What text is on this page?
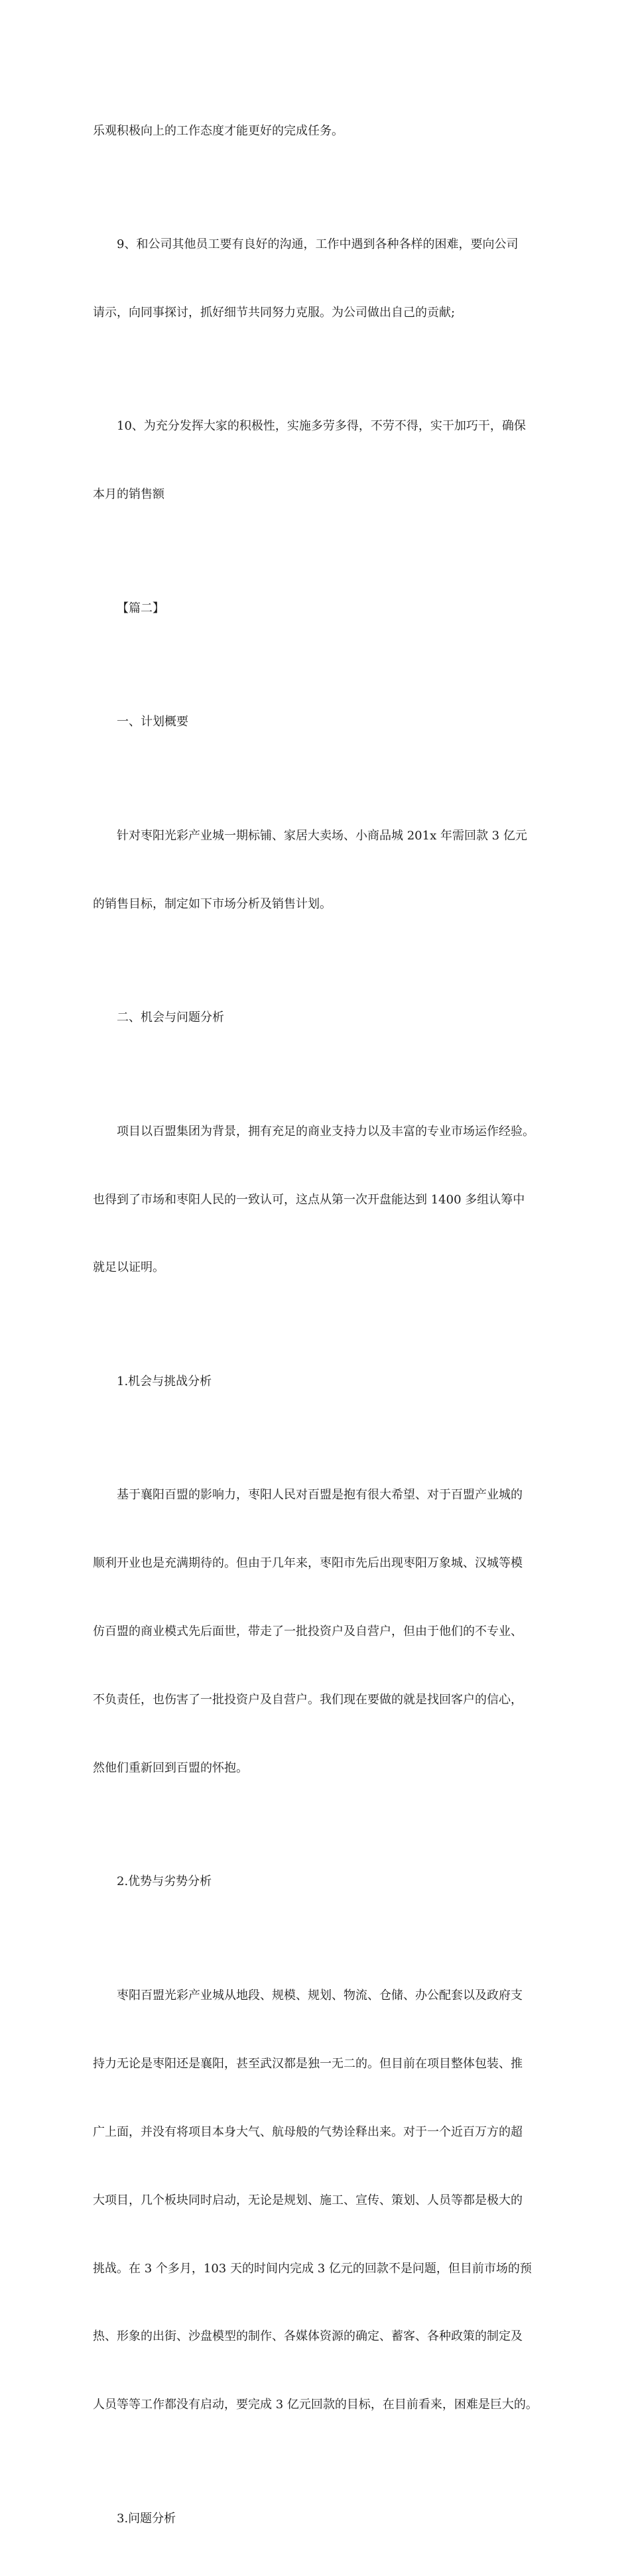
乐观积极向上的工作态度才能更好的完成任务。

9、和公司其他员工要有良好的沟通，工作中遇到各种各样的困难，要向公司

请示，向同事探讨，抓好细节共同努力克服。为公司做出自己的贡献;

10、为充分发挥大家的积极性，实施多劳多得，不劳不得，实干加巧干，确保

本月的销售额

【篇二】

一、计划概要

针对枣阳光彩产业城一期标铺、家居大卖场、小商品城 201x 年需回款 3 亿元

的销售目标，制定如下市场分析及销售计划。

二、机会与问题分析

项目以百盟集团为背景，拥有充足的商业支持力以及丰富的专业市场运作经验。

也得到了市场和枣阳人民的一致认可，这点从第一次开盘能达到 1400 多组认筹中

就足以证明。

1.机会与挑战分析

基于襄阳百盟的影响力，枣阳人民对百盟是抱有很大希望、对于百盟产业城的

顺利开业也是充满期待的。但由于几年来，枣阳市先后出现枣阳万象城、汉城等模

仿百盟的商业模式先后面世，带走了一批投资户及自营户，但由于他们的不专业、

不负责任，也伤害了一批投资户及自营户。我们现在要做的就是找回客户的信心，

然他们重新回到百盟的怀抱。

2.优势与劣势分析

枣阳百盟光彩产业城从地段、规模、规划、物流、仓储、办公配套以及政府支

持力无论是枣阳还是襄阳，甚至武汉都是独一无二的。但目前在项目整体包装、推

广上面，并没有将项目本身大气、航母般的气势诠释出来。对于一个近百万方的超

大项目，几个板块同时启动，无论是规划、施工、宣传、策划、人员等都是极大的

挑战。在 3 个多月，103 天的时间内完成 3 亿元的回款不是问题，但目前市场的预

热、形象的出街、沙盘模型的制作、各媒体资源的确定、蓄客、各种政策的制定及

人员等等工作都没有启动，要完成 3 亿元回款的目标，在目前看来，困难是巨大的。

3.问题分析
